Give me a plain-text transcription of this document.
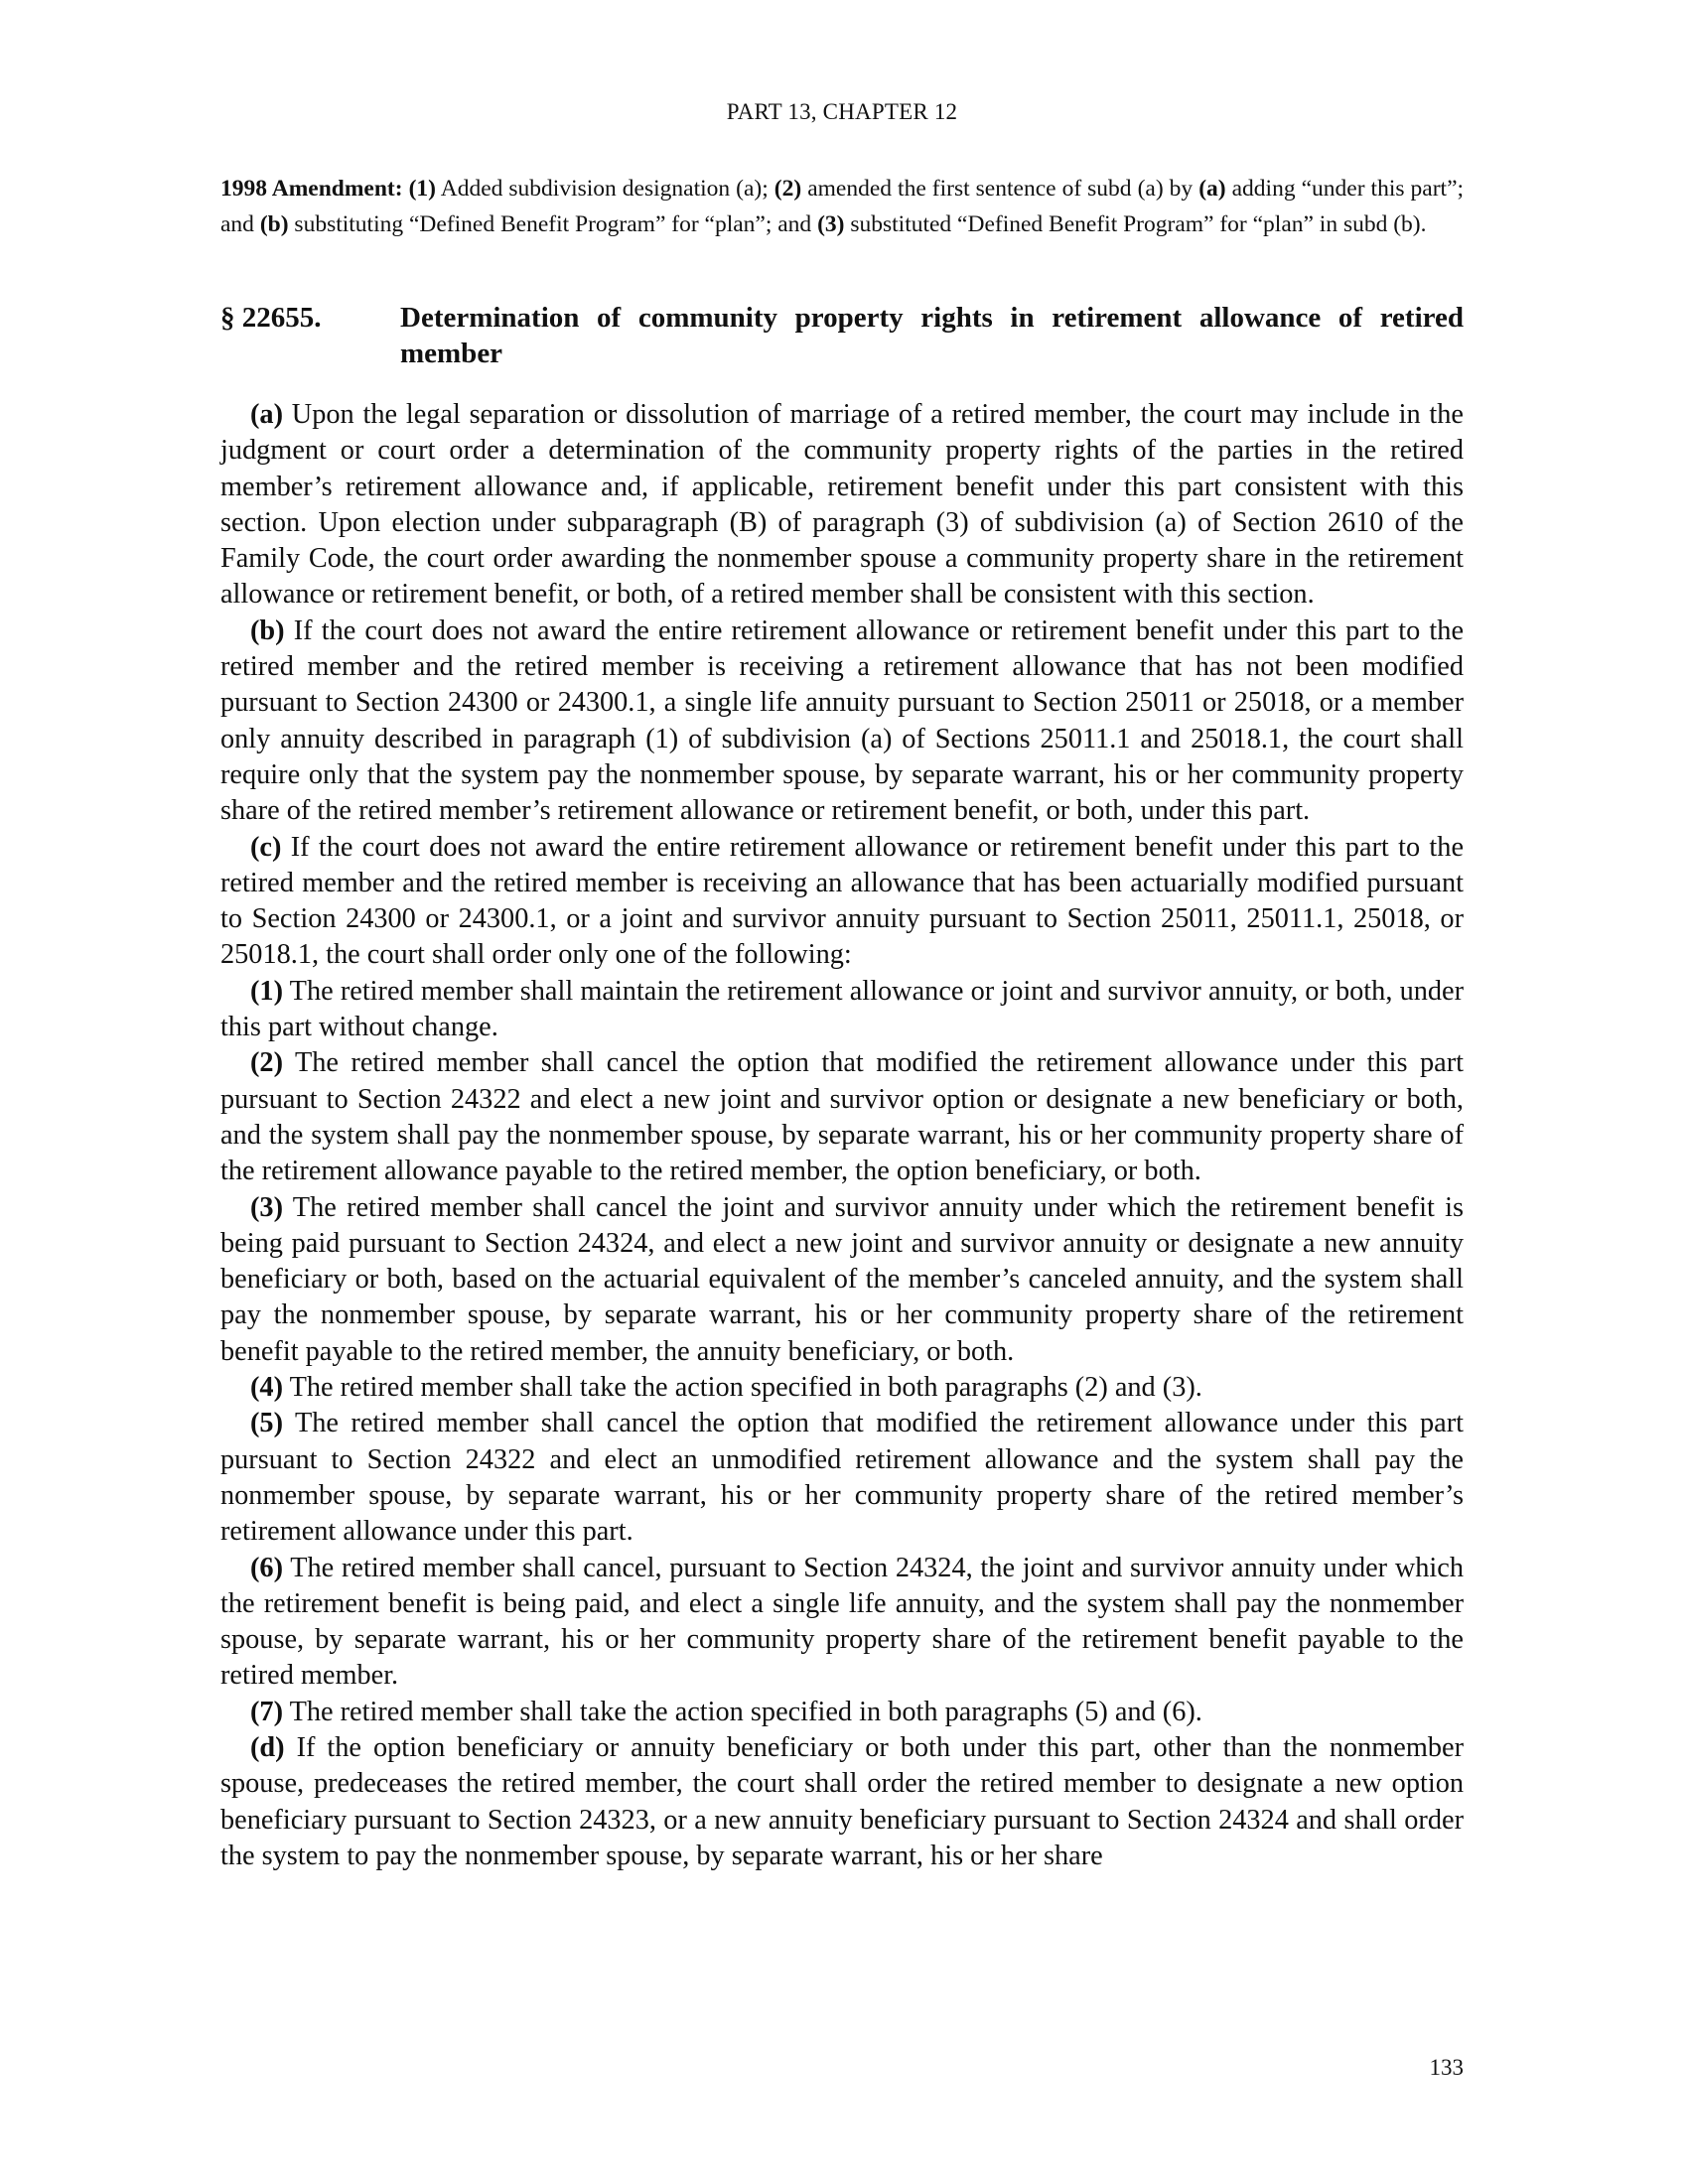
PART 13, CHAPTER 12
1998 Amendment: (1) Added subdivision designation (a); (2) amended the first sentence of subd (a) by (a) adding “under this part”; and (b) substituting “Defined Benefit Program” for “plan”; and (3) substituted “Defined Benefit Program” for “plan” in subd (b).
§ 22655.	Determination of community property rights in retirement allowance of retired member

(a) Upon the legal separation or dissolution of marriage of a retired member, the court may include in the judgment or court order a determination of the community property rights of the parties in the retired member’s retirement allowance and, if applicable, retirement benefit under this part consistent with this section. Upon election under subparagraph (B) of paragraph (3) of subdivision (a) of Section 2610 of the Family Code, the court order awarding the nonmember spouse a community property share in the retirement allowance or retirement benefit, or both, of a retired member shall be consistent with this section.

(b) If the court does not award the entire retirement allowance or retirement benefit under this part to the retired member and the retired member is receiving a retirement allowance that has not been modified pursuant to Section 24300 or 24300.1, a single life annuity pursuant to Section 25011 or 25018, or a member only annuity described in paragraph (1) of subdivision (a) of Sections 25011.1 and 25018.1, the court shall require only that the system pay the nonmember spouse, by separate warrant, his or her community property share of the retired member’s retirement allowance or retirement benefit, or both, under this part.

(c) If the court does not award the entire retirement allowance or retirement benefit under this part to the retired member and the retired member is receiving an allowance that has been actuarially modified pursuant to Section 24300 or 24300.1, or a joint and survivor annuity pursuant to Section 25011, 25011.1, 25018, or 25018.1, the court shall order only one of the following:

(1) The retired member shall maintain the retirement allowance or joint and survivor annuity, or both, under this part without change.

(2) The retired member shall cancel the option that modified the retirement allowance under this part pursuant to Section 24322 and elect a new joint and survivor option or designate a new beneficiary or both, and the system shall pay the nonmember spouse, by separate warrant, his or her community property share of the retirement allowance payable to the retired member, the option beneficiary, or both.

(3) The retired member shall cancel the joint and survivor annuity under which the retirement benefit is being paid pursuant to Section 24324, and elect a new joint and survivor annuity or designate a new annuity beneficiary or both, based on the actuarial equivalent of the member’s canceled annuity, and the system shall pay the nonmember spouse, by separate warrant, his or her community property share of the retirement benefit payable to the retired member, the annuity beneficiary, or both.

(4) The retired member shall take the action specified in both paragraphs (2) and (3).

(5) The retired member shall cancel the option that modified the retirement allowance under this part pursuant to Section 24322 and elect an unmodified retirement allowance and the system shall pay the nonmember spouse, by separate warrant, his or her community property share of the retired member’s retirement allowance under this part.

(6) The retired member shall cancel, pursuant to Section 24324, the joint and survivor annuity under which the retirement benefit is being paid, and elect a single life annuity, and the system shall pay the nonmember spouse, by separate warrant, his or her community property share of the retirement benefit payable to the retired member.

(7) The retired member shall take the action specified in both paragraphs (5) and (6).

(d) If the option beneficiary or annuity beneficiary or both under this part, other than the nonmember spouse, predeceases the retired member, the court shall order the retired member to designate a new option beneficiary pursuant to Section 24323, or a new annuity beneficiary pursuant to Section 24324 and shall order the system to pay the nonmember spouse, by separate warrant, his or her share

133
